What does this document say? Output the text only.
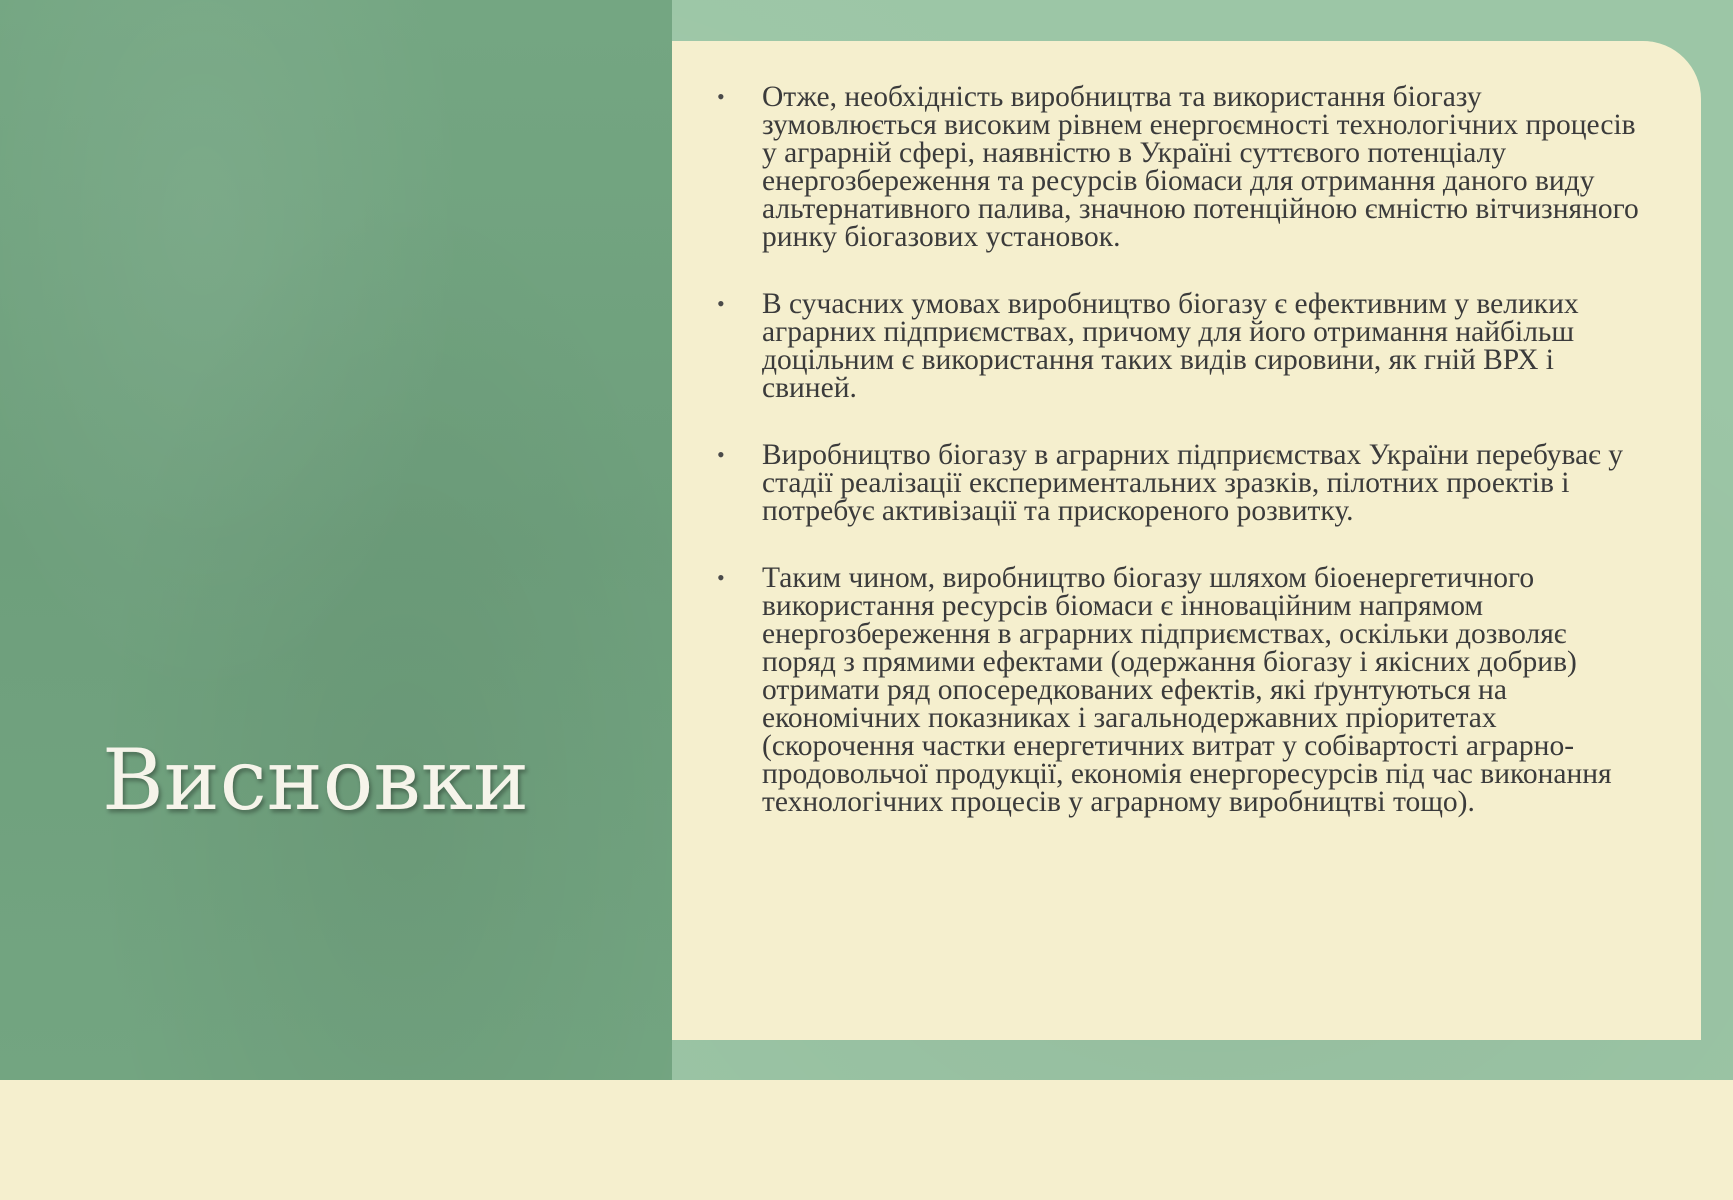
Висновки
• Отже, необхідність виробництва та використання біогазу зумовлюється високим рівнем енергоємності технологічних процесів у аграрній сфері, наявністю в Україні суттєвого потенціалу енергозбереження та ресурсів біомаси для отримання даного виду альтернативного палива, значною потенційною ємністю вітчизняного ринку біогазових установок.
• В сучасних умовах виробництво біогазу є ефективним у великих аграрних підприємствах, причому для його отримання найбільш доцільним є використання таких видів сировини, як гній ВРХ і свиней.
• Виробництво біогазу в аграрних підприємствах України перебуває у стадії реалізації експериментальних зразків, пілотних проектів і потребує активізації та прискореного розвитку.
• Таким чином, виробництво біогазу шляхом біоенергетичного використання ресурсів біомаси є інноваційним напрямом енергозбереження в аграрних підприємствах, оскільки дозволяє поряд з прямими ефектами (одержання біогазу і якісних добрив) отримати ряд опосередкованих ефектів, які ґрунтуються на економічних показниках і загальнодержавних пріоритетах (скорочення частки енергетичних витрат у собівартості аграрно-продовольчої продукції, економія енергоресурсів під час виконання технологічних процесів у аграрному виробництві тощо).
